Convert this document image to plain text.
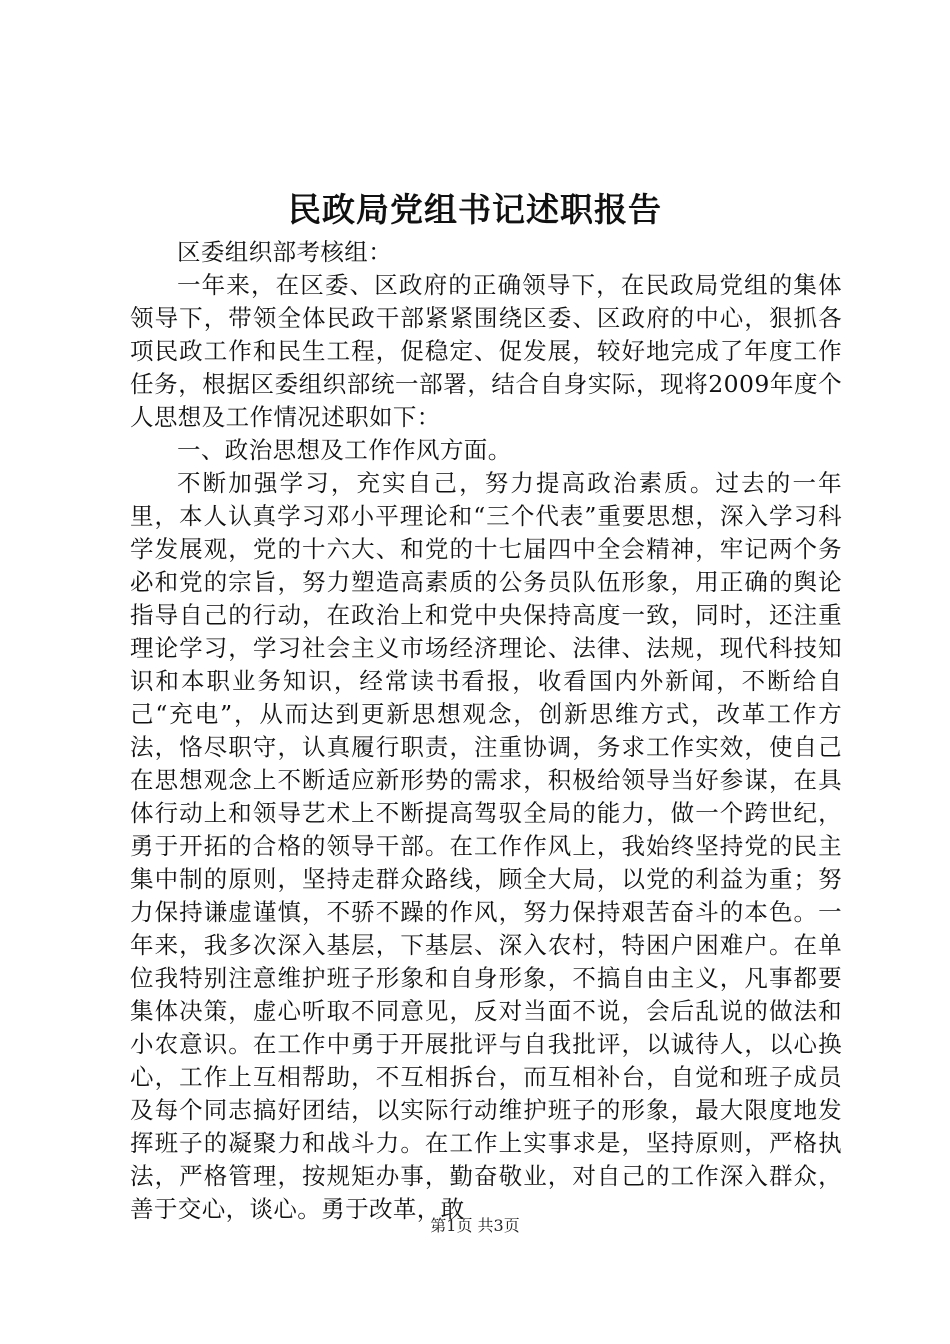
民政局党组书记述职报告

区委组织部考核组：

一年来，在区委、区政府的正确领导下，在民政局党组的集体领导下，带领全体民政干部紧紧围绕区委、区政府的中心，狠抓各项民政工作和民生工程，促稳定、促发展，较好地完成了年度工作任务，根据区委组织部统一部署，结合自身实际，现将2009年度个人思想及工作情况述职如下：

一、政治思想及工作作风方面。

不断加强学习，充实自己，努力提高政治素质。过去的一年里，本人认真学习邓小平理论和“三个代表”重要思想，深入学习科学发展观，党的十六大、和党的十七届四中全会精神，牢记两个务必和党的宗旨，努力塑造高素质的公务员队伍形象，用正确的舆论指导自己的行动，在政治上和党中央保持高度一致，同时，还注重理论学习，学习社会主义市场经济理论、法律、法规，现代科技知识和本职业务知识，经常读书看报，收看国内外新闻，不断给自己“充电”，从而达到更新思想观念，创新思维方式，改革工作方法，恪尽职守，认真履行职责，注重协调，务求工作实效，使自己在思想观念上不断适应新形势的需求，积极给领导当好参谋，在具体行动上和领导艺术上不断提高驾驭全局的能力，做一个跨世纪，勇于开拓的合格的领导干部。在工作作风上，我始终坚持党的民主集中制的原则，坚持走群众路线，顾全大局，以党的利益为重；努力保持谦虚谨慎，不骄不躁的作风，努力保持艰苦奋斗的本色。一年来，我多次深入基层，下基层、深入农村，特困户困难户。在单位我特别注意维护班子形象和自身形象，不搞自由主义，凡事都要集体决策，虚心听取不同意见，反对当面不说，会后乱说的做法和小农意识。在工作中勇于开展批评与自我批评，以诚待人，以心换心，工作上互相帮助，不互相拆台，而互相补台，自觉和班子成员及每个同志搞好团结，以实际行动维护班子的形象，最大限度地发挥班子的凝聚力和战斗力。在工作上实事求是，坚持原则，严格执法，严格管理，按规矩办事，勤奋敬业，对自己的工作深入群众，善于交心，谈心。勇于改革，敢

第1页 共3页
